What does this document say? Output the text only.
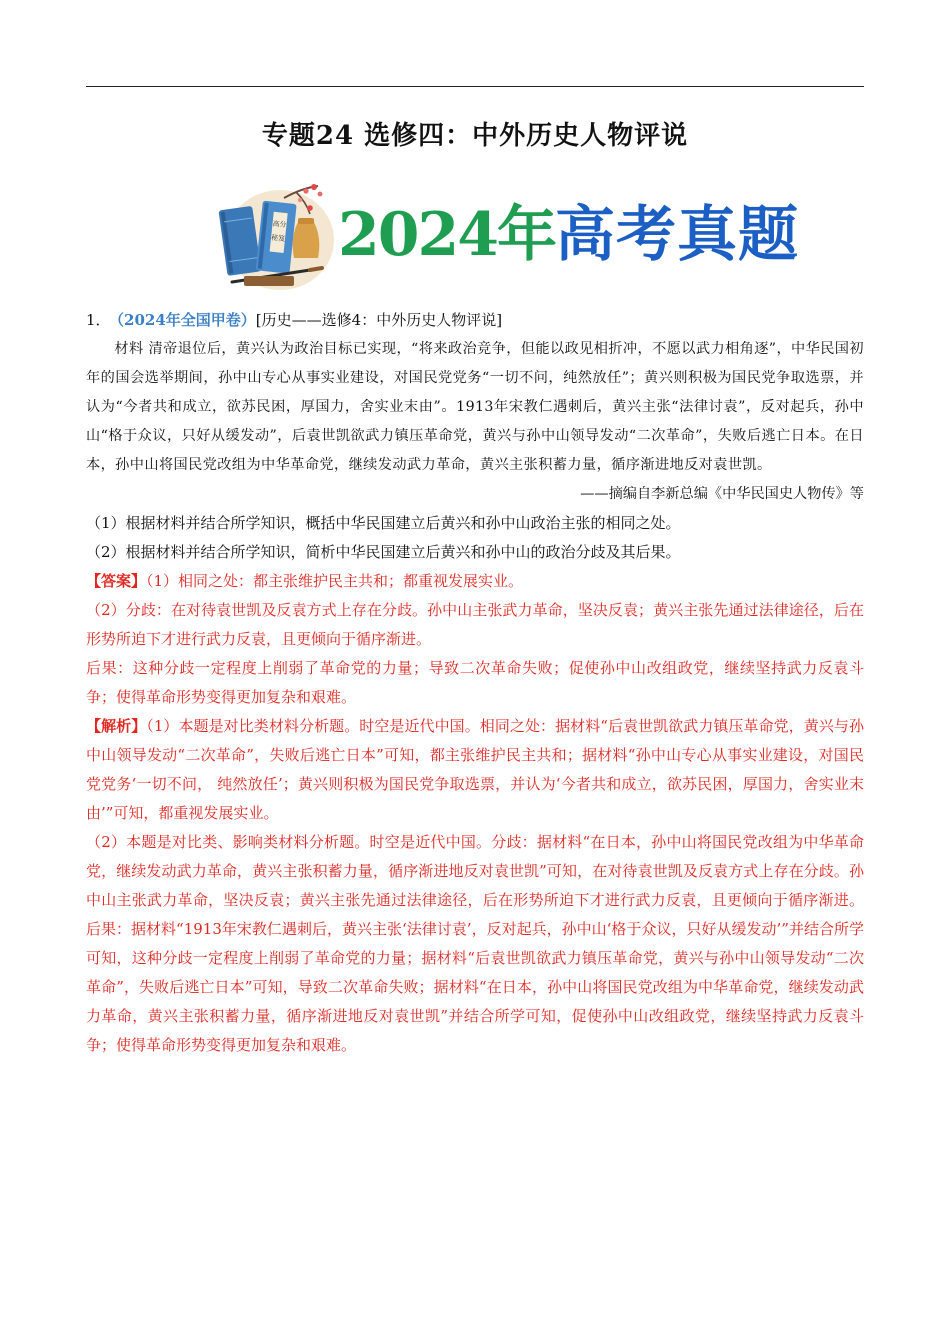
专题24 选修四：中外历史人物评说
高分
秘笈 2024年高考真题
1． （2024年全国甲卷）[历史——选修4：中外历史人物评说]

材料 清帝退位后，黄兴认为政治目标已实现，“将来政治竞争，但能以政见相折冲，不愿以武力相角逐”，中华民国初年的国会选举期间，孙中山专心从事实业建设，对国民党党务“一切不问，纯然放任”；黄兴则积极为国民党争取选票，并认为“今者共和成立，欲苏民困，厚国力，舍实业末由”。1913年宋教仁遇刺后，黄兴主张“法律讨袁”，反对起兵，孙中山“格于众议，只好从缓发动”，后袁世凯欲武力镇压革命党，黄兴与孙中山领导发动“二次革命”，失败后逃亡日本。在日本，孙中山将国民党改组为中华革命党，继续发动武力革命，黄兴主张积蓄力量，循序渐进地反对袁世凯。

——摘编自李新总编《中华民国史人物传》等

（1）根据材料并结合所学知识，概括中华民国建立后黄兴和孙中山政治主张的相同之处。

（2）根据材料并结合所学知识，简析中华民国建立后黄兴和孙中山的政治分歧及其后果。

【答案】（1）相同之处：都主张维护民主共和；都重视发展实业。

（2）分歧：在对待袁世凯及反袁方式上存在分歧。孙中山主张武力革命，坚决反袁；黄兴主张先通过法律途径，后在形势所迫下才进行武力反袁，且更倾向于循序渐进。

后果：这种分歧一定程度上削弱了革命党的力量；导致二次革命失败；促使孙中山改组政党，继续坚持武力反袁斗争；使得革命形势变得更加复杂和艰难。

【解析】（1）本题是对比类材料分析题。时空是近代中国。相同之处：据材料“后袁世凯欲武力镇压革命党，黄兴与孙中山领导发动“二次革命”，失败后逃亡日本”可知，都主张维护民主共和；据材料“孙中山专心从事实业建设，对国民党党务‘一切不问， 纯然放任’；黄兴则积极为国民党争取选票，并认为‘今者共和成立，欲苏民困，厚国力，舍实业末由’”可知，都重视发展实业。

（2）本题是对比类、影响类材料分析题。时空是近代中国。分歧：据材料“在日本，孙中山将国民党改组为中华革命党，继续发动武力革命，黄兴主张积蓄力量，循序渐进地反对袁世凯”可知，在对待袁世凯及反袁方式上存在分歧。孙中山主张武力革命，坚决反袁；黄兴主张先通过法律途径，后在形势所迫下才进行武力反袁，且更倾向于循序渐进。后果：据材料“1913年宋教仁遇刺后，黄兴主张‘法律讨袁’，反对起兵，孙中山‘格于众议，只好从缓发动’”并结合所学可知，这种分歧一定程度上削弱了革命党的力量；据材料“后袁世凯欲武力镇压革命党，黄兴与孙中山领导发动“二次革命”，失败后逃亡日本”可知，导致二次革命失败；据材料“在日本，孙中山将国民党改组为中华革命党，继续发动武力革命，黄兴主张积蓄力量，循序渐进地反对袁世凯”并结合所学可知，促使孙中山改组政党，继续坚持武力反袁斗争；使得革命形势变得更加复杂和艰难。
